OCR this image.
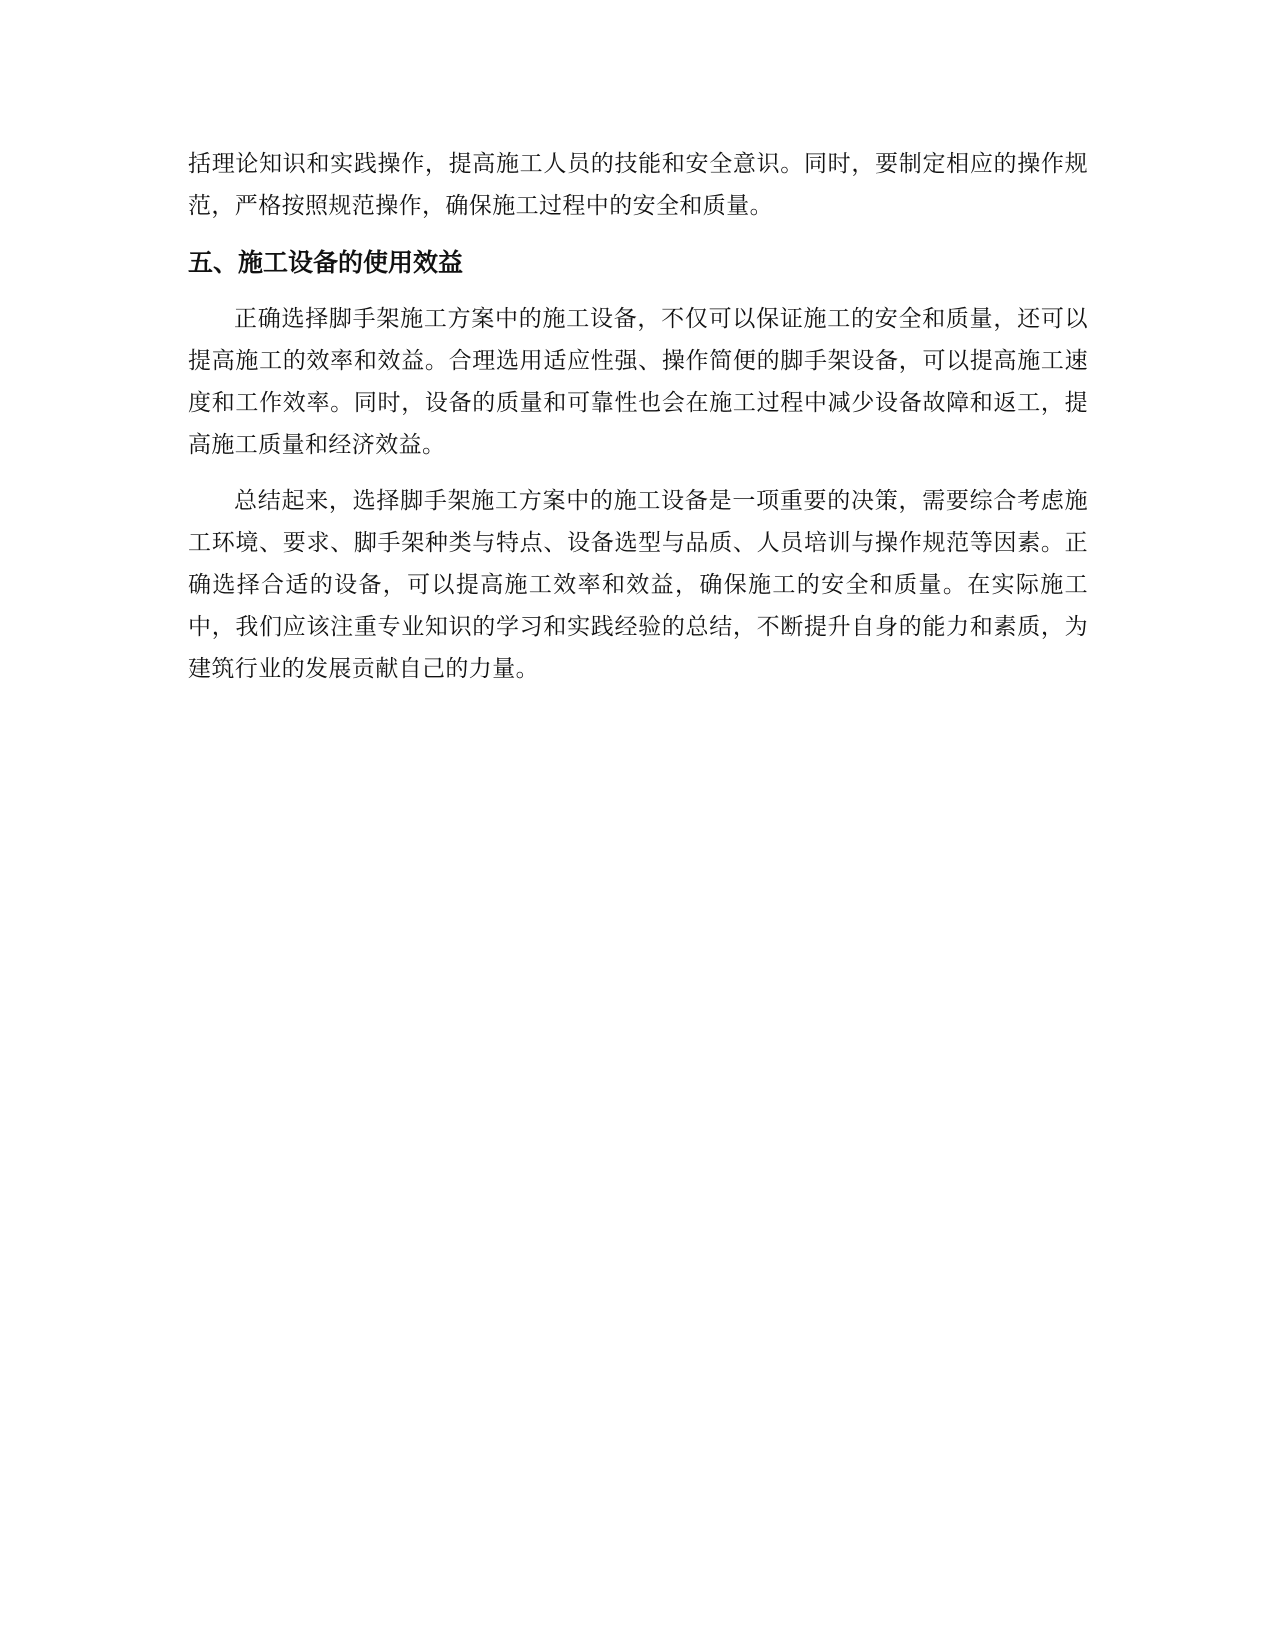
括理论知识和实践操作，提高施工人员的技能和安全意识。同时，要制定相应的操作规范，严格按照规范操作，确保施工过程中的安全和质量。

五、施工设备的使用效益

正确选择脚手架施工方案中的施工设备，不仅可以保证施工的安全和质量，还可以提高施工的效率和效益。合理选用适应性强、操作简便的脚手架设备，可以提高施工速度和工作效率。同时，设备的质量和可靠性也会在施工过程中减少设备故障和返工，提高施工质量和经济效益。

总结起来，选择脚手架施工方案中的施工设备是一项重要的决策，需要综合考虑施工环境、要求、脚手架种类与特点、设备选型与品质、人员培训与操作规范等因素。正确选择合适的设备，可以提高施工效率和效益，确保施工的安全和质量。在实际施工中，我们应该注重专业知识的学习和实践经验的总结，不断提升自身的能力和素质，为建筑行业的发展贡献自己的力量。
